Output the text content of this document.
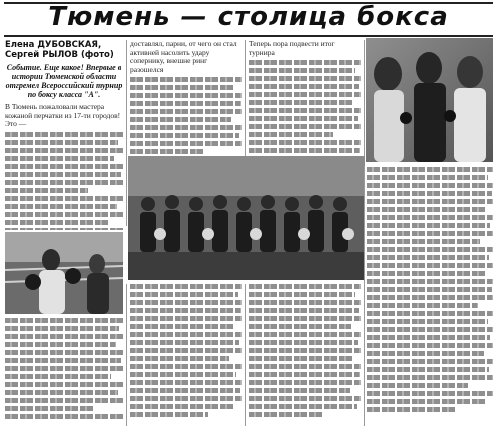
Тюмень — столица бокса
Елена ДУБОВСКАЯ,
Сергей РЫЛОВ (фото)
Событие. Еще какое! Впервые в истории Тюменской области отгремел Всероссийский турнир по боксу класса "А".
В Тюмень пожаловали мастера кожаной перчатки из 17-ти городов! Это —
доставлял, парни, от чего он стал активней насолить удару сопернику, внешне ринг разошелся
Теперь пора подвести итог турнира
